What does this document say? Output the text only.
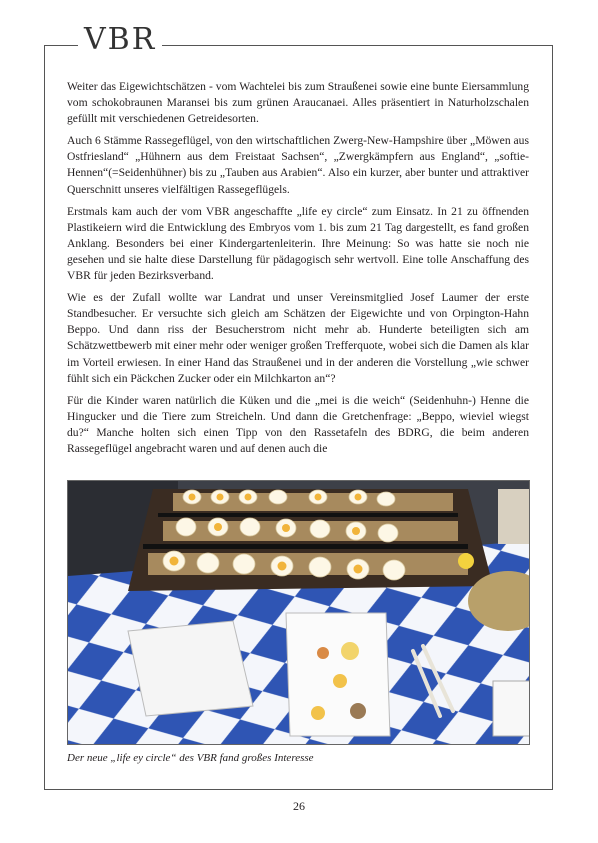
VBR

Weiter das Eigewichtschätzen - vom Wachtelei bis zum Straußenei sowie eine bunte Eiersammlung vom schokobraunen Maransei bis zum grünen Araucanaei. Alles präsentiert in Naturholzschalen gefüllt mit verschiedenen Getreidesorten.

Auch 6 Stämme Rassegeflügel, von den wirtschaftlichen Zwerg-New-Hampshire über „Möwen aus Ostfriesland“ „Hühnern aus dem Freistaat Sachsen“, „Zwergkämpfern aus England“, „softie-Hennen“(=Seidenhühner) bis zu „Tauben aus Arabien“. Also ein kurzer, aber bunter und attraktiver Querschnitt unseres vielfältigen Rassegeflügels.

Erstmals kam auch der vom VBR angeschaffte „life ey circle“ zum Einsatz. In 21 zu öffnenden Plastikeiern wird die Entwicklung des Embryos vom 1. bis zum 21 Tag dargestellt, es fand großen Anklang. Besonders bei einer Kindergartenleiterin. Ihre Meinung: So was hatte sie noch nie gesehen und sie halte diese Darstellung für pädagogisch sehr wertvoll. Eine tolle Anschaffung des VBR für jeden Bezirksverband.

Wie es der Zufall wollte war Landrat und unser Vereinsmitglied Josef Laumer der erste Standbesucher. Er versuchte sich gleich am Schätzen der Eigewichte und von Orpington-Hahn Beppo. Und dann riss der Besucherstrom nicht mehr ab. Hunderte beteiligten sich am Schätzwettbewerb mit einer mehr oder weniger großen Trefferquote, wobei sich die Damen als klar im Vorteil erwiesen. In einer Hand das Straußenei und in der anderen die Vorstellung „wie schwer fühlt sich ein Päckchen Zucker oder ein Milchkarton an“?

Für die Kinder waren natürlich die Küken und die „mei is die weich“ (Seidenhuhn-) Henne die Hingucker und die Tiere zum Streicheln. Und dann die Gretchenfrage: „Beppo, wieviel wiegst du?“ Manche holten sich einen Tipp von den Rassetafeln des BDRG, die beim anderen Rassegeflügel angebracht waren und auf denen auch die

Der neue „life ey circle“ des VBR fand großes Interesse
26
